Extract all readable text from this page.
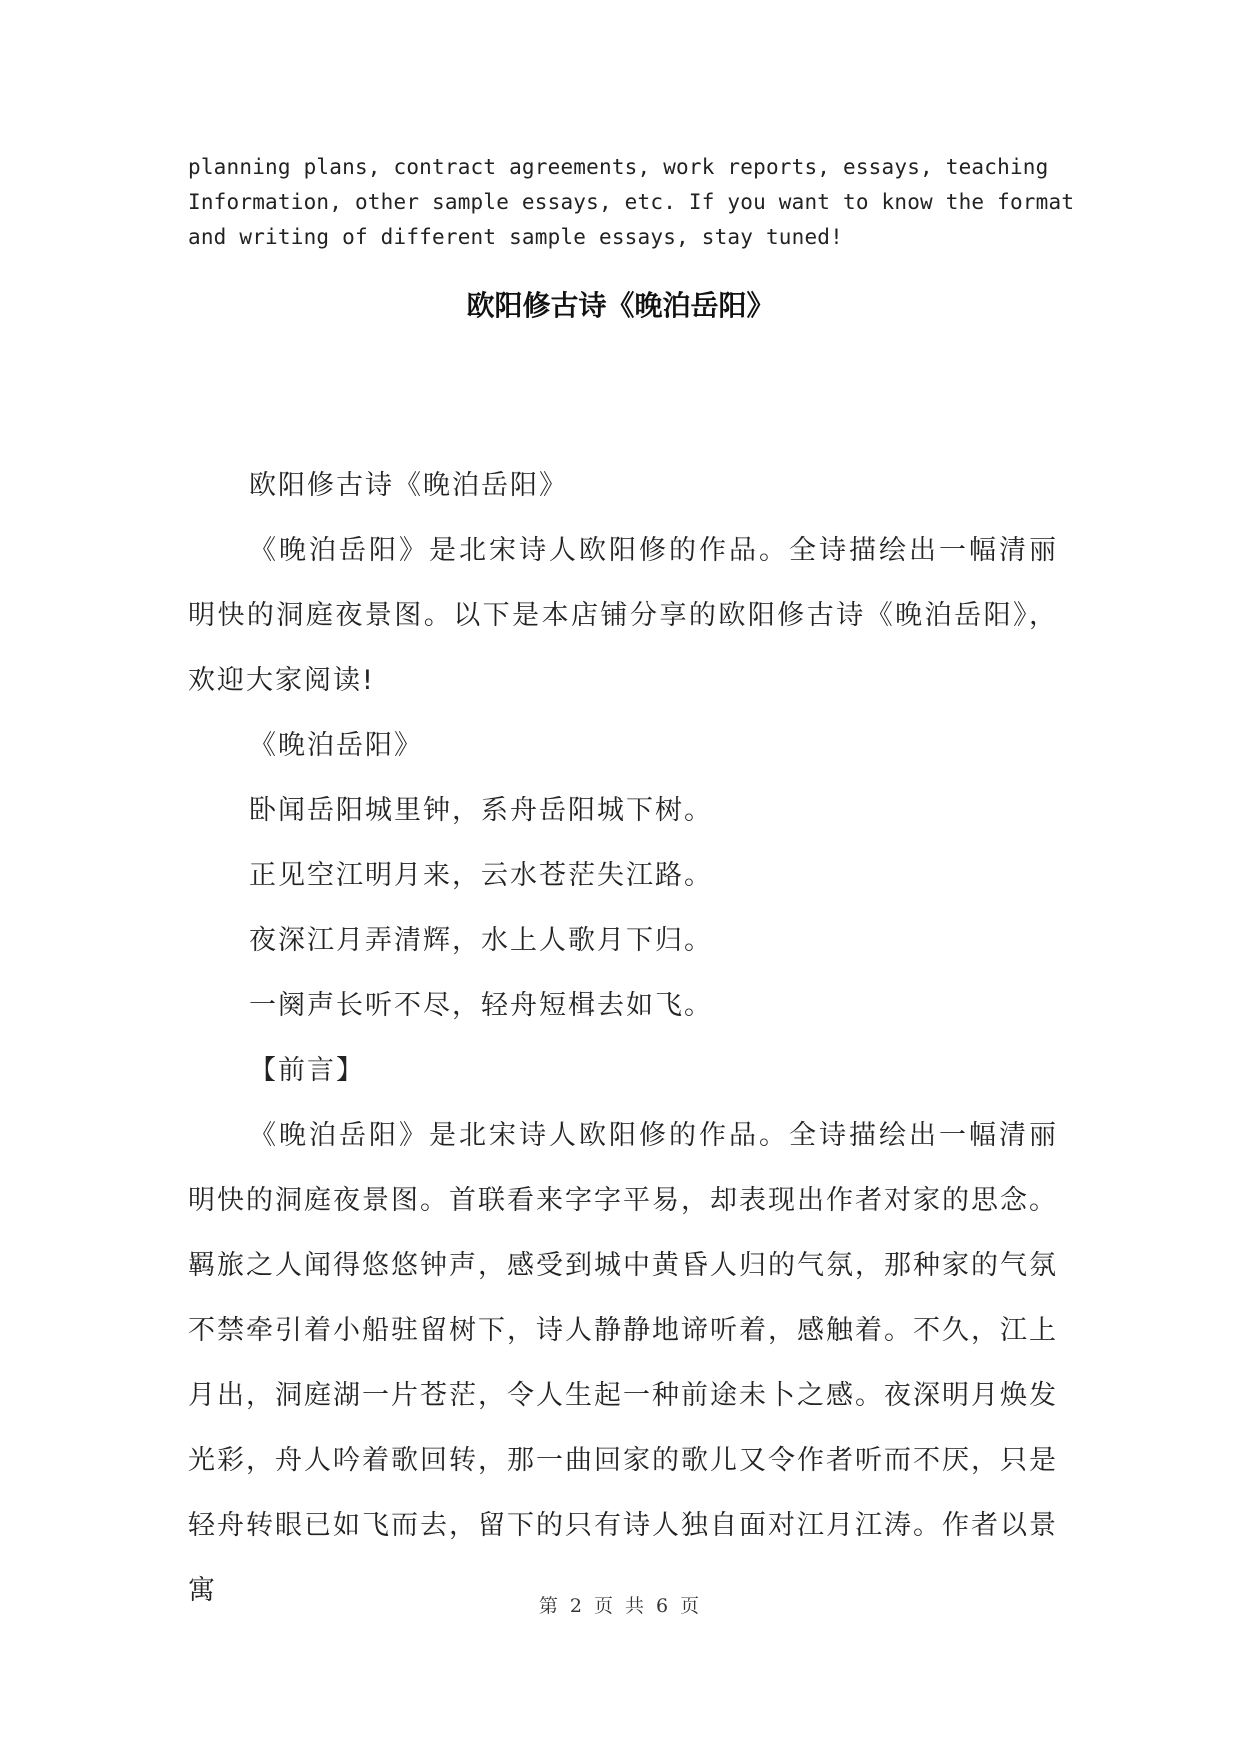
planning plans, contract agreements, work reports, essays, teaching

Information, other sample essays, etc. If you want to know the format

and writing of different sample essays, stay tuned!

欧阳修古诗《晚泊岳阳》

欧阳修古诗《晚泊岳阳》

《晚泊岳阳》是北宋诗人欧阳修的作品。全诗描绘出一幅清丽明快的洞庭夜景图。以下是本店铺分享的欧阳修古诗《晚泊岳阳》，欢迎大家阅读!

《晚泊岳阳》

卧闻岳阳城里钟，系舟岳阳城下树。

正见空江明月来，云水苍茫失江路。

夜深江月弄清辉，水上人歌月下归。

一阕声长听不尽，轻舟短楫去如飞。

【前言】

《晚泊岳阳》是北宋诗人欧阳修的作品。全诗描绘出一幅清丽明快的洞庭夜景图。首联看来字字平易，却表现出作者对家的思念。羁旅之人闻得悠悠钟声，感受到城中黄昏人归的气氛，那种家的气氛不禁牵引着小船驻留树下，诗人静静地谛听着，感触着。不久，江上月出，洞庭湖一片苍茫，令人生起一种前途未卜之感。夜深明月焕发光彩，舟人吟着歌回转，那一曲回家的歌儿又令作者听而不厌，只是轻舟转眼已如飞而去，留下的只有诗人独自面对江月江涛。作者以景寓	第 2 页 共 6 页
